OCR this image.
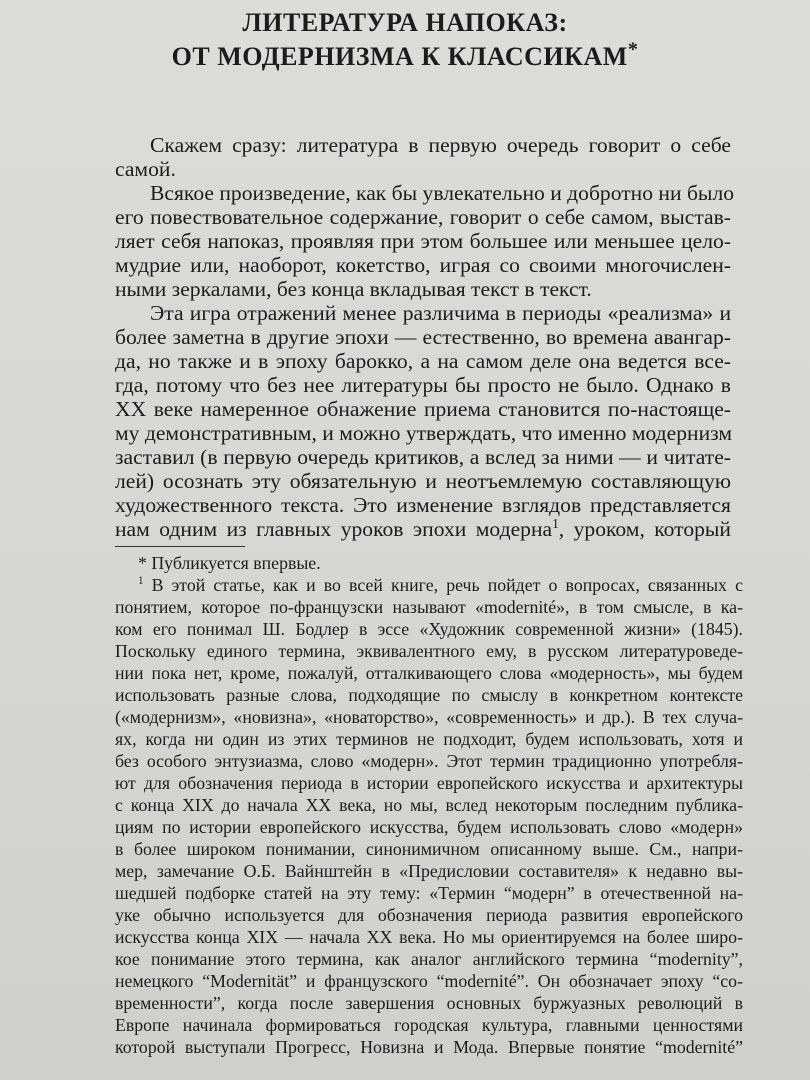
ЛИТЕРАТУРА НАПОКАЗ:
ОТ МОДЕРНИЗМА К КЛАССИКАМ*
Скажем сразу: литература в первую очередь говорит о себе
самой.
Всякое произведение, как бы увлекательно и добротно ни было
его повествовательное содержание, говорит о себе самом, выстав-
ляет себя напоказ, проявляя при этом большее или меньшее цело-
мудрие или, наоборот, кокетство, играя со своими многочислен-
ными зеркалами, без конца вкладывая текст в текст.
Эта игра отражений менее различима в периоды «реализма» и
более заметна в другие эпохи — естественно, во времена авангар-
да, но также и в эпоху барокко, а на самом деле она ведется все-
гда, потому что без нее литературы бы просто не было. Однако в
XX веке намеренное обнажение приема становится по-настояще-
му демонстративным, и можно утверждать, что именно модернизм
заставил (в первую очередь критиков, а вслед за ними — и читате-
лей) осознать эту обязательную и неотъемлемую составляющую
художественного текста. Это изменение взглядов представляется
нам одним из главных уроков эпохи модерна$^1$, уроком, который
* Публикуется впервые.
$^1$ В этой статье, как и во всей книге, речь пойдет о вопросах, связанных с
понятием, которое по-французски называют «modernité», в том смысле, в ка-
ком его понимал Ш. Бодлер в эссе «Художник современной жизни» (1845).
Поскольку единого термина, эквивалентного ему, в русском литературоведе-
нии пока нет, кроме, пожалуй, отталкивающего слова «модерность», мы будем
использовать разные слова, подходящие по смыслу в конкретном контексте
(«модернизм», «новизна», «новаторство», «современность» и др.). В тех случа-
ях, когда ни один из этих терминов не подходит, будем использовать, хотя и
без особого энтузиазма, слово «модерн». Этот термин традиционно употребля-
ют для обозначения периода в истории европейского искусства и архитектуры
с конца XIX до начала XX века, но мы, вслед некоторым последним публика-
циям по истории европейского искусства, будем использовать слово «модерн»
в более широком понимании, синонимичном описанному выше. См., напри-
мер, замечание О.Б. Вайнштейн в «Предисловии составителя» к недавно вы-
шедшей подборке статей на эту тему: «Термин “модерн” в отечественной на-
уке обычно используется для обозначения периода развития европейского
искусства конца XIX — начала XX века. Но мы ориентируемся на более широ-
кое понимание этого термина, как аналог английского термина “modernity”,
немецкого “Modernität” и французского “modernité”. Он обозначает эпоху “со-
временности”, когда после завершения основных буржуазных революций в
Европе начинала формироваться городская культура, главными ценностями
которой выступали Прогресс, Новизна и Мода. Впервые понятие “modernité”
